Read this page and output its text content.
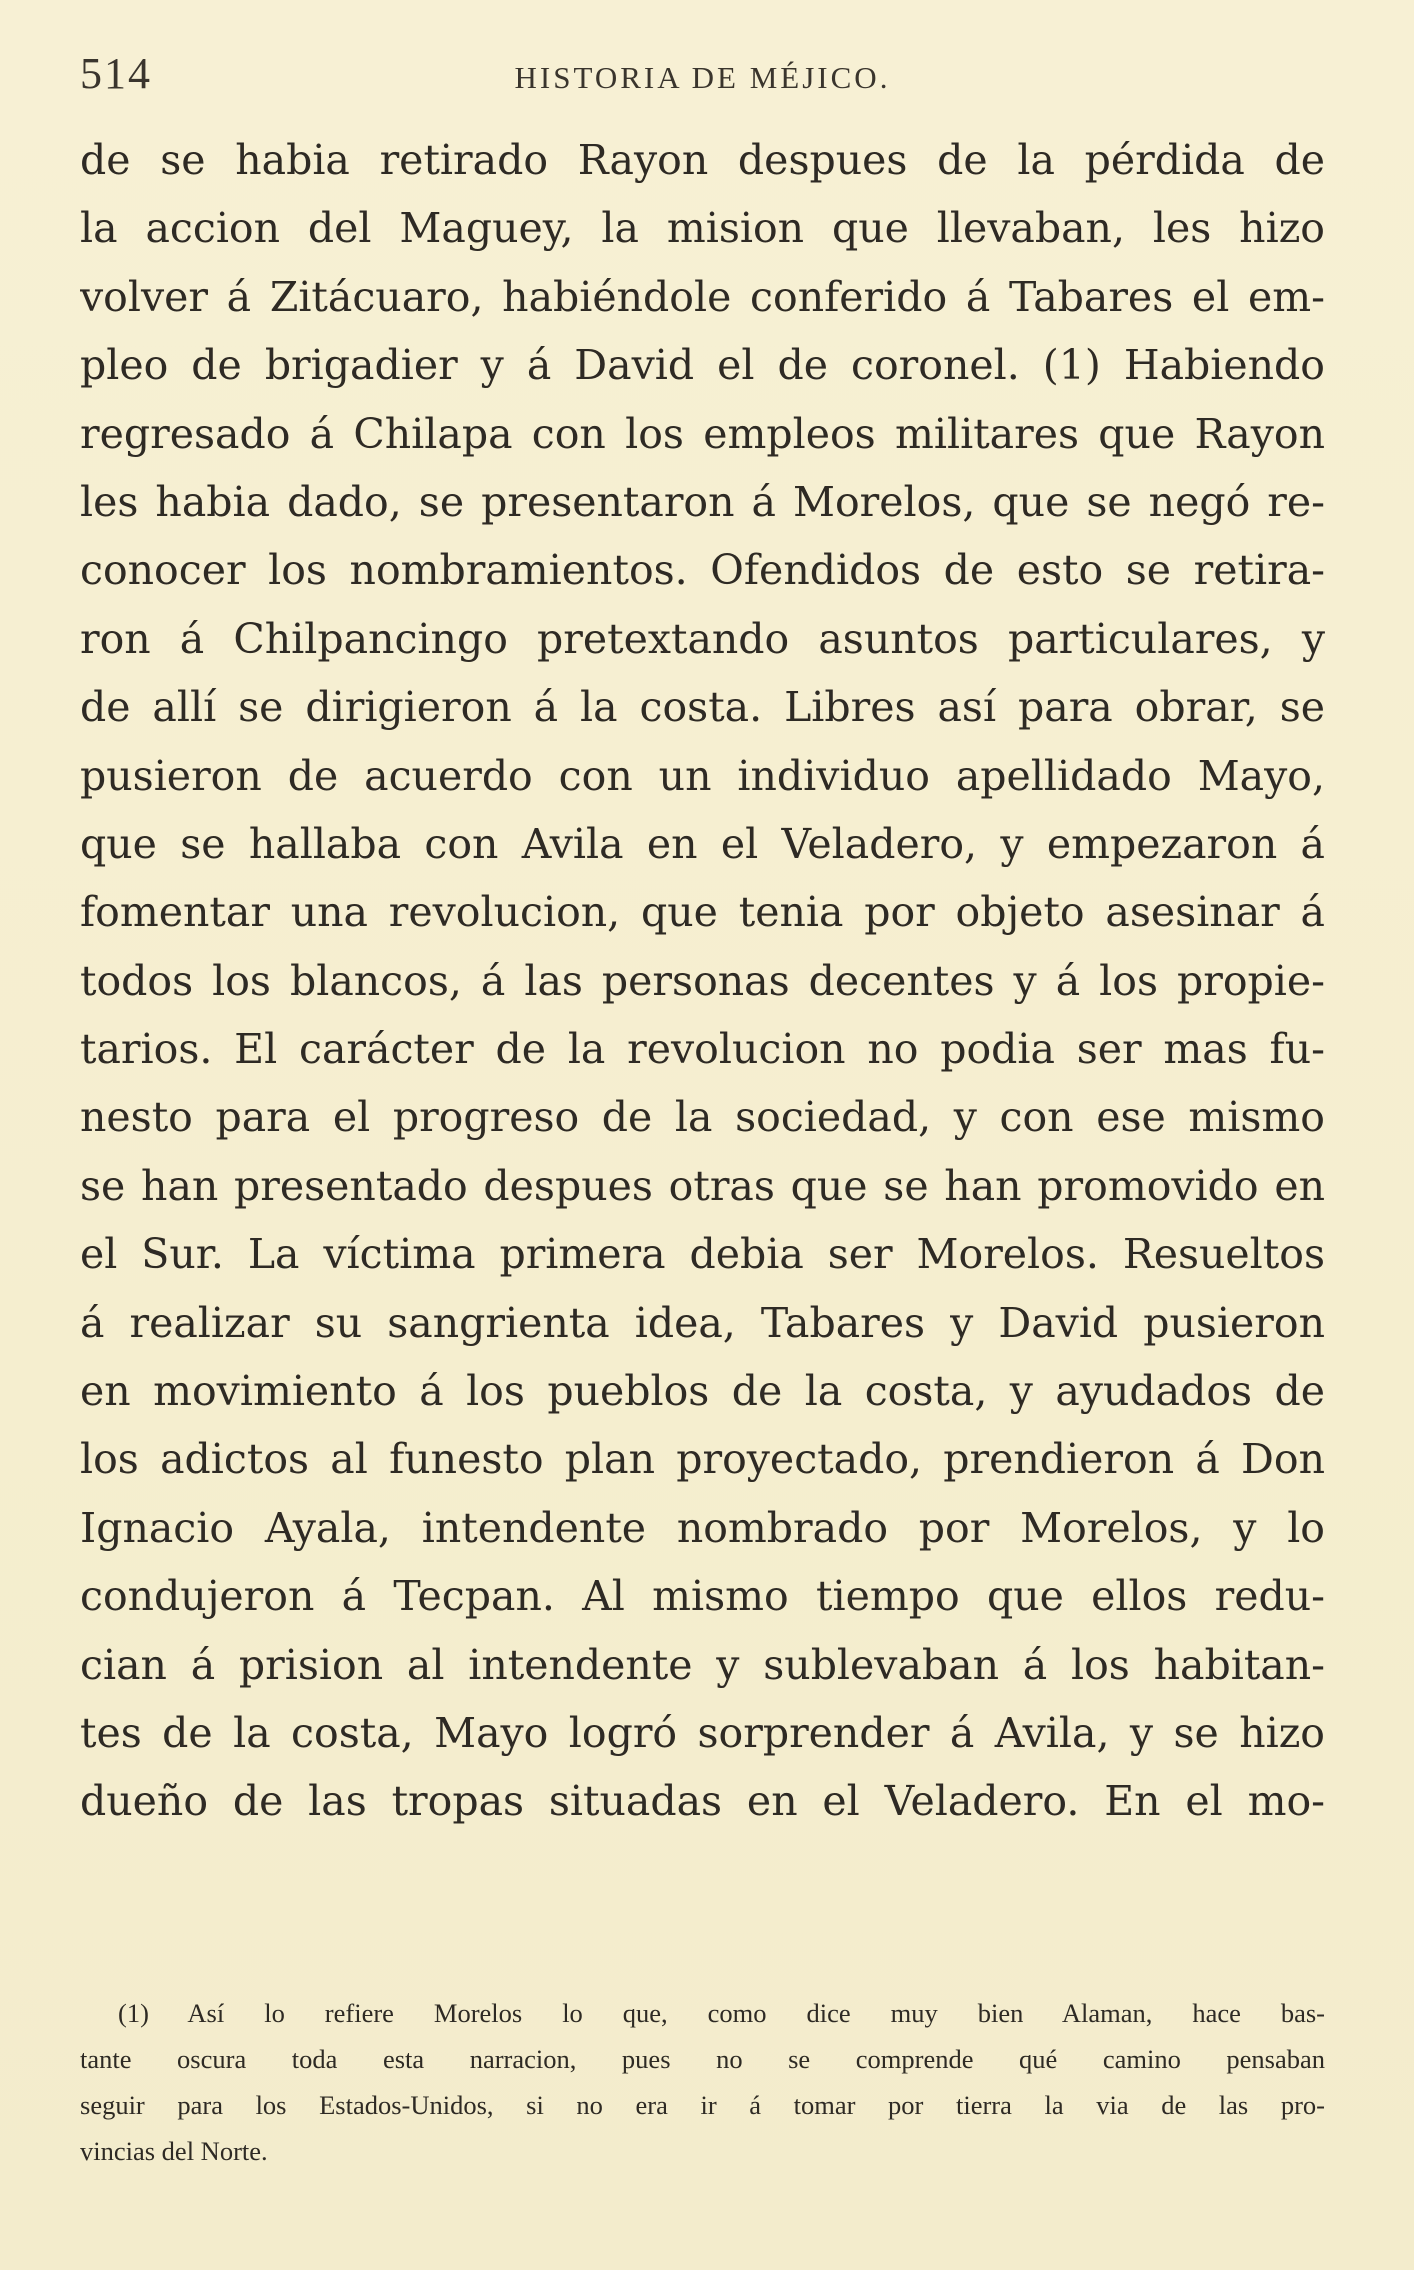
514	HISTORIA DE MÉJICO.
de se habia retirado Rayon despues de la pérdida de
la accion del Maguey, la mision que llevaban, les hizo
volver á Zitácuaro, habiéndole conferido á Tabares el em-
pleo de brigadier y á David el de coronel. (1) Habiendo
regresado á Chilapa con los empleos militares que Rayon
les habia dado, se presentaron á Morelos, que se negó re-
conocer los nombramientos. Ofendidos de esto se retira-
ron á Chilpancingo pretextando asuntos particulares, y
de allí se dirigieron á la costa. Libres así para obrar, se
pusieron de acuerdo con un individuo apellidado Mayo,
que se hallaba con Avila en el Veladero, y empezaron á
fomentar una revolucion, que tenia por objeto asesinar á
todos los blancos, á las personas decentes y á los propie-
tarios. El carácter de la revolucion no podia ser mas fu-
nesto para el progreso de la sociedad, y con ese mismo
se han presentado despues otras que se han promovido en
el Sur. La víctima primera debia ser Morelos. Resueltos
á realizar su sangrienta idea, Tabares y David pusieron
en movimiento á los pueblos de la costa, y ayudados de
los adictos al funesto plan proyectado, prendieron á Don
Ignacio Ayala, intendente nombrado por Morelos, y lo
condujeron á Tecpan. Al mismo tiempo que ellos redu-
cian á prision al intendente y sublevaban á los habitan-
tes de la costa, Mayo logró sorprender á Avila, y se hizo
dueño de las tropas situadas en el Veladero. En el mo-
(1) Así lo refiere Morelos lo que, como dice muy bien Alaman, hace bas-
tante oscura toda esta narracion, pues no se comprende qué camino pensaban
seguir para los Estados-Unidos, si no era ir á tomar por tierra la via de las pro-
vincias del Norte.
